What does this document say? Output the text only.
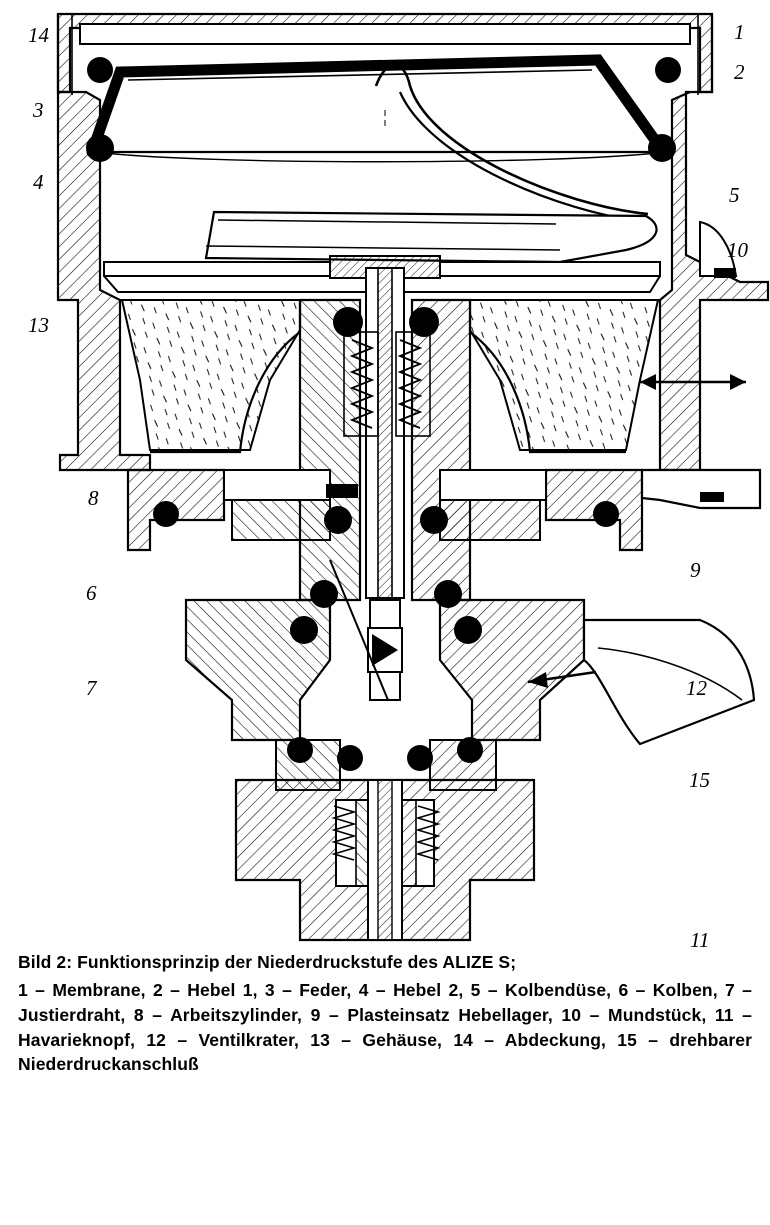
14	1
2
3
4
5
10
13
8
9
6
7	12
15
11
Bild 2: Funktionsprinzip der Niederdruckstufe des ALIZE S;
1 – Membrane, 2 – Hebel 1, 3 – Feder, 4 – Hebel 2, 5 – Kolbendüse, 6 – Kolben, 7 – Justierdraht, 8 – Arbeitszylinder, 9 – Plasteinsatz Hebellager, 10 – Mundstück, 11 – Havarieknopf, 12 – Ventilkrater, 13 – Gehäuse, 14 – Abdeckung, 15 – drehbarer Niederdruckanschluß
